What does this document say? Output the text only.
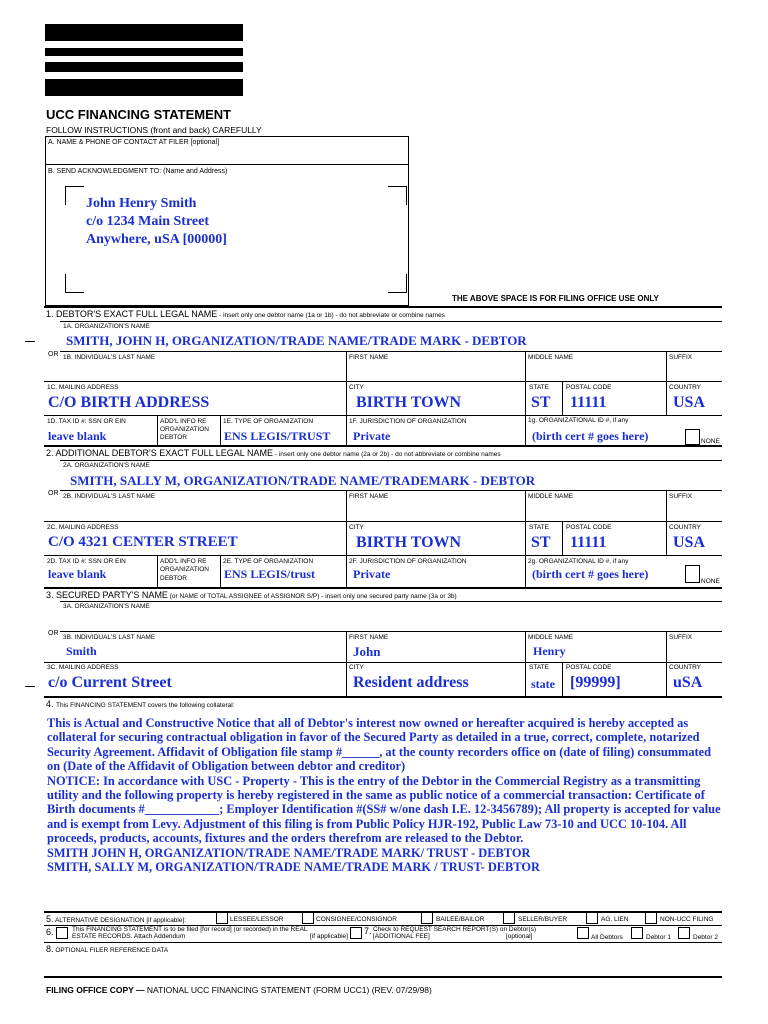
UCC FINANCING STATEMENT
FOLLOW INSTRUCTIONS (front and back) CAREFULLY
A. NAME & PHONE OF CONTACT AT FILER [optional]
B. SEND ACKNOWLEDGMENT TO: (Name and Address)
John Henry Smith
c/o 1234 Main Street
Anywhere, uSA [00000]
THE ABOVE SPACE IS FOR FILING OFFICE USE ONLY
1. DEBTOR'S EXACT FULL LEGAL NAME - insert only one debtor name (1a or 1b) - do not abbreviate or combine names
1A. ORGANIZATION'S NAME
SMITH, JOHN H, ORGANIZATION/TRADE NAME/TRADE MARK - DEBTOR
OR 1B. INDIVIDUAL'S LAST NAME	FIRST NAME	MIDDLE NAME	SUFFIX
1C. MAILING ADDRESS
C/O BIRTH ADDRESS
CITY
BIRTH TOWN
STATE
ST
POSTAL CODE
11111
COUNTRY
USA
1D. TAX ID #: SSN OR EIN
leave blank
ADD'L INFO RE
ORGANIZATION
DEBTOR
1E. TYPE OF ORGANIZATION
ENS LEGIS/TRUST
1F. JURISDICTION OF ORGANIZATION
Private
1g. ORGANIZATIONAL ID #, if any
(birth cert # goes here)	NONE
2. ADDITIONAL DEBTOR'S EXACT FULL LEGAL NAME - insert only one debtor name (2a or 2b) - do not abbreviate or combine names
2A. ORGANIZATION'S NAME
SMITH, SALLY M, ORGANIZATION/TRADE NAME/TRADEMARK - DEBTOR
OR 2B. INDIVIDUAL'S LAST NAME	FIRST NAME	MIDDLE NAME	SUFFIX
2C. MAILING ADDRESS
C/O 4321 CENTER STREET
CITY
BIRTH TOWN
STATE
ST
POSTAL CODE
11111
COUNTRY
USA
2D. TAX ID #: SSN OR EIN
leave blank
ADD'L INFO RE
ORGANIZATION
DEBTOR
2E. TYPE OF ORGANIZATION
ENS LEGIS/trust
2F. JURISDICTION OF ORGANIZATION
Private
2g. ORGANIZATIONAL ID #, if any
(birth cert # goes here)
NONE
3. SECURED PARTY'S NAME (or NAME of TOTAL ASSIGNEE of ASSIGNOR S/P) - insert only one secured party name (3a or 3b)
3A. ORGANIZATION'S NAME
OR
3B. INDIVIDUAL'S LAST NAME
Smith
FIRST NAME
John
MIDDLE NAME
Henry
SUFFIX
3C. MAILING ADDRESS
c/o Current Street
CITY
Resident address
STATE
state
POSTAL CODE
[99999]
COUNTRY
uSA
4. This FINANCING STATEMENT covers the following collateral:

This is Actual and Constructive Notice that all of Debtor's interest now owned or hereafter acquired is hereby accepted as collateral for securing contractual obligation in favor of the Secured Party as detailed in a true, correct, complete, notarized Security Agreement. Affidavit of Obligation file stamp #______, at the county recorders office on (date of filing) consummated on (Date of the Affidavit of Obligation between debtor and creditor)

NOTICE: In accordance with USC - Property - This is the entry of the Debtor in the Commercial Registry as a transmitting utility and the following property is hereby registered in the same as public notice of a commercial transaction: Certificate of Birth documents #____________; Employer Identification #(SS# w/one dash I.E. 12-3456789); All property is accepted for value and is exempt from Levy. Adjustment of this filing is from Public Policy HJR-192, Public Law 73-10 and UCC 10-104. All proceeds, products, accounts, fixtures and the orders therefrom are released to the Debtor.

SMITH JOHN H, ORGANIZATION/TRADE NAME/TRADE MARK/ TRUST - DEBTOR

SMITH, SALLY M, ORGANIZATION/TRADE NAME/TRADE MARK / TRUST- DEBTOR

5. ALTERNATIVE DESIGNATION [if applicable]:	LESSEE/LESSOR	CONSIGNEE/CONSIGNOR	BAILEE/BAILOR	SELLER/BUYER	AG. LIEN	NON-UCC FILING
6.	This FINANCING STATEMENT is to be filed [for record] (or recorded) in the REAL
ESTATE RECORDS. Attach Addendum	[if applicable]
7. Check to REQUEST SEARCH REPORT(S) on Debtor(s)
[ADDITIONAL FEE]	[optional]	All Debtors	Debtor 1	Debtor 2
8. OPTIONAL FILER REFERENCE DATA
FILING OFFICE COPY — NATIONAL UCC FINANCING STATEMENT (FORM UCC1) (REV. 07/29/98)
